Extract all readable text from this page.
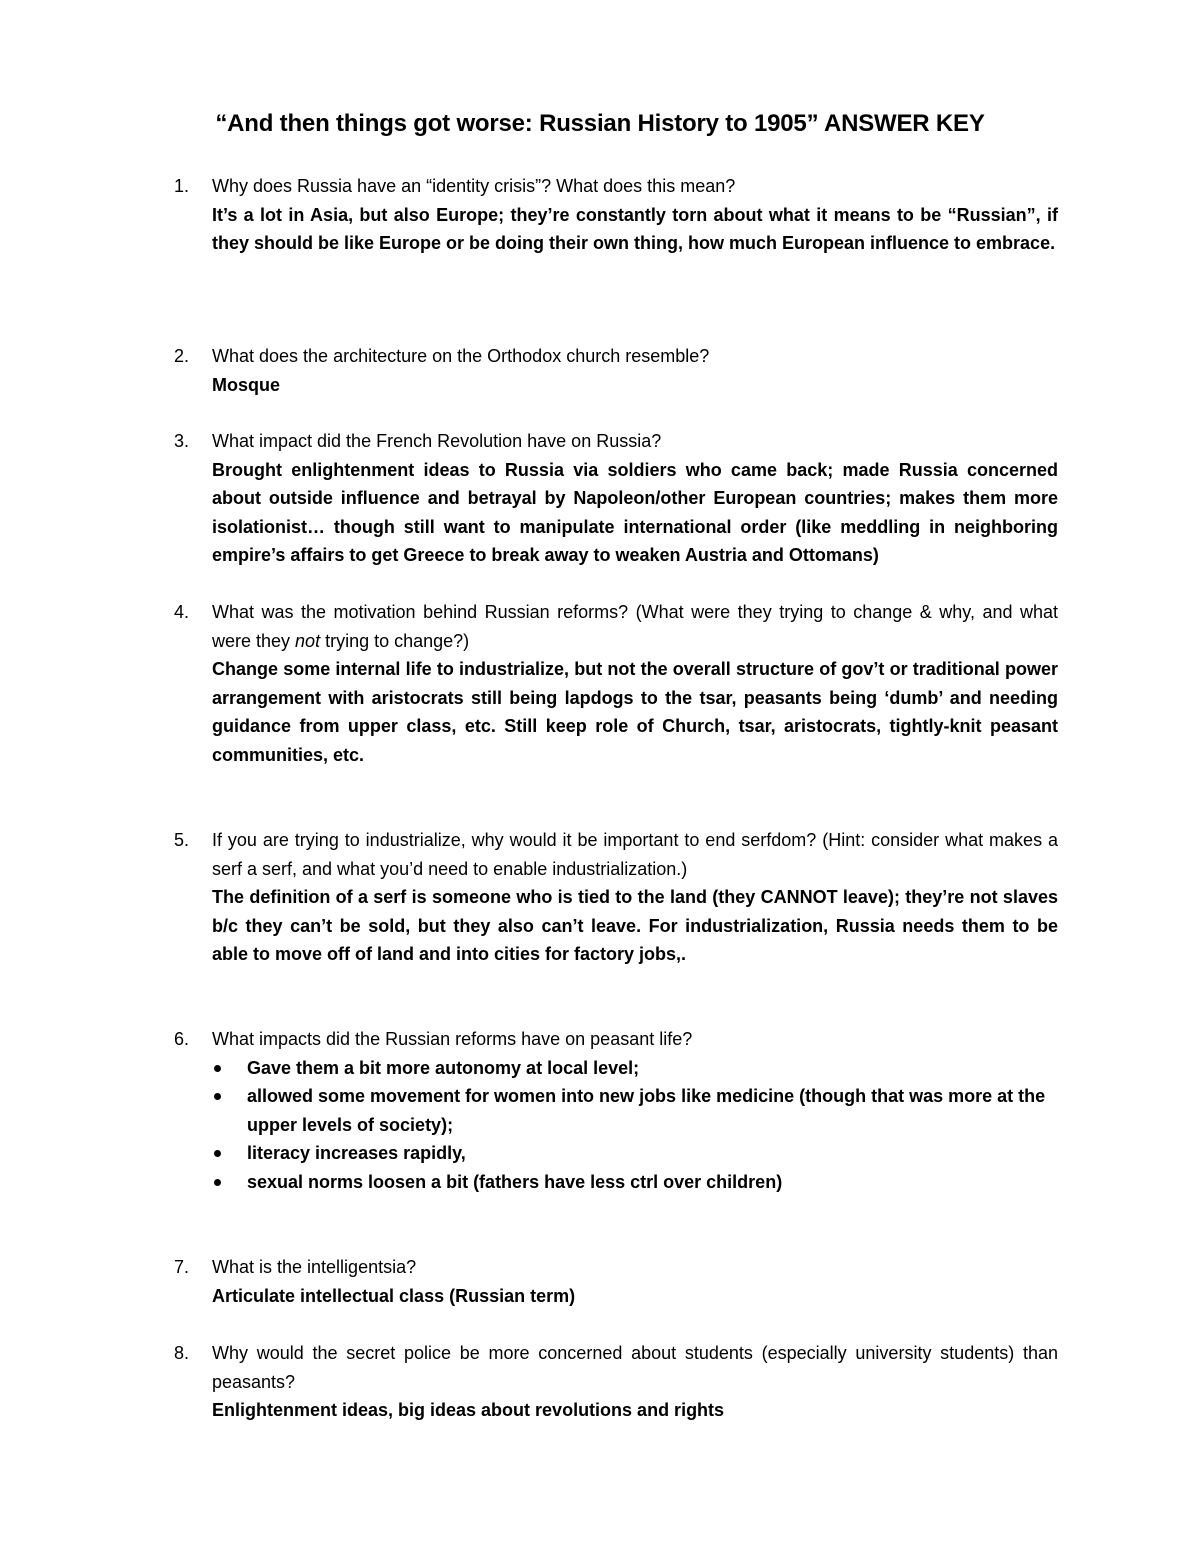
“And then things got worse: Russian History to 1905” ANSWER KEY
1.	Why does Russia have an “identity crisis”? What does this mean?
It’s a lot in Asia, but also Europe; they’re constantly torn about what it means to be “Russian”, if they should be like Europe or be doing their own thing, how much European influence to embrace.
2.	What does the architecture on the Orthodox church resemble?
Mosque
3.	What impact did the French Revolution have on Russia?
Brought enlightenment ideas to Russia via soldiers who came back; made Russia concerned about outside influence and betrayal by Napoleon/other European countries; makes them more isolationist… though still want to manipulate international order (like meddling in neighboring empire’s affairs to get Greece to break away to weaken Austria and Ottomans)
4.	What was the motivation behind Russian reforms? (What were they trying to change & why, and what were they not trying to change?)
Change some internal life to industrialize, but not the overall structure of gov’t or traditional power arrangement with aristocrats still being lapdogs to the tsar, peasants being ‘dumb’ and needing guidance from upper class, etc. Still keep role of Church, tsar, aristocrats, tightly-knit peasant communities, etc.
5.	If you are trying to industrialize, why would it be important to end serfdom? (Hint: consider what makes a serf a serf, and what you’d need to enable industrialization.)
The definition of a serf is someone who is tied to the land (they CANNOT leave); they’re not slaves b/c they can’t be sold, but they also can’t leave. For industrialization, Russia needs them to be able to move off of land and into cities for factory jobs,.
6.	What impacts did the Russian reforms have on peasant life?
Gave them a bit more autonomy at local level;
allowed some movement for women into new jobs like medicine (though that was more at the upper levels of society);
literacy increases rapidly,
sexual norms loosen a bit (fathers have less ctrl over children)
7.	What is the intelligentsia?
Articulate intellectual class (Russian term)
8.	Why would the secret police be more concerned about students (especially university students) than peasants?
Enlightenment ideas, big ideas about revolutions and rights
